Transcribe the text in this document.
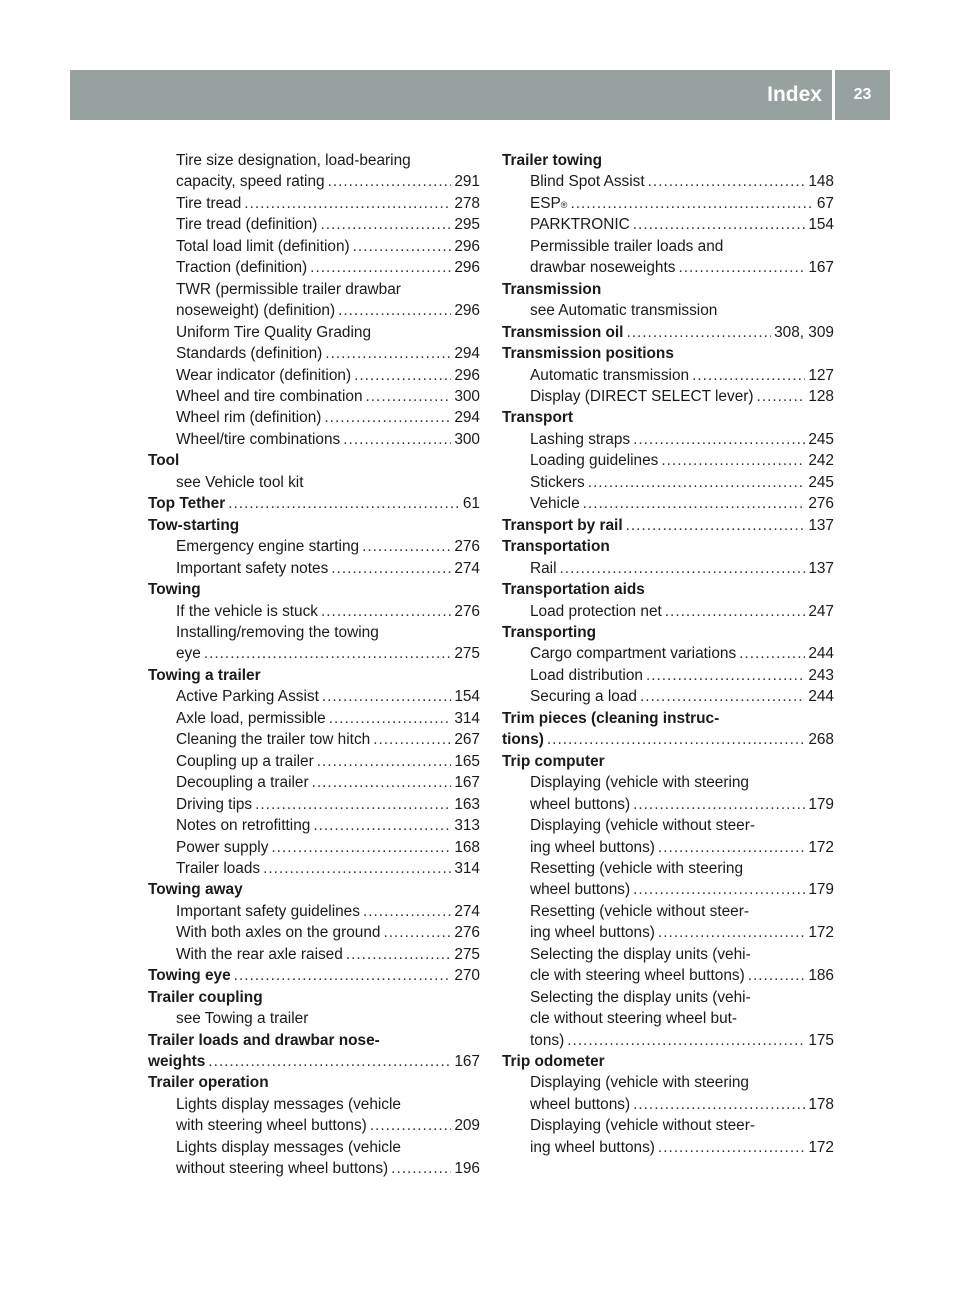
Index	23
Tire size designation, load-bearing
capacity, speed rating .....	291
Tire tread .....	278
Tire tread (definition) .....	295
Total load limit (definition) .....	296
Traction (definition) .....	296
TWR (permissible trailer drawbar
noseweight) (definition) .....	296
Uniform Tire Quality Grading
Standards (definition) .....	294
Wear indicator (definition) .....	296
Wheel and tire combination .....	300
Wheel rim (definition) .....	294
Wheel/tire combinations .....	300
Tool
see Vehicle tool kit
Top Tether .....	61
Tow-starting
Emergency engine starting .....	276
Important safety notes .....	274
Towing
If the vehicle is stuck .....	276
Installing/removing the towing
eye .....	275
Towing a trailer
Active Parking Assist .....	154
Axle load, permissible .....	314
Cleaning the trailer tow hitch .....	267
Coupling up a trailer .....	165
Decoupling a trailer .....	167
Driving tips .....	163
Notes on retrofitting .....	313
Power supply .....	168
Trailer loads .....	314
Towing away
Important safety guidelines .....	274
With both axles on the ground .....	276
With the rear axle raised .....	275
Towing eye .....	270
Trailer coupling
see Towing a trailer
Trailer loads and drawbar nose-
weights .....	167
Trailer operation
Lights display messages (vehicle
with steering wheel buttons) .....	209
Lights display messages (vehicle
without steering wheel buttons) .....	196
Trailer towing
Blind Spot Assist .....	148
ESP ® .....	67
PARKTRONIC .....	154
Permissible trailer loads and
drawbar noseweights .....	167
Transmission
see Automatic transmission
Transmission oil .....	308, 309
Transmission positions
Automatic transmission .....	127
Display (DIRECT SELECT lever) .....	128
Transport
Lashing straps .....	245
Loading guidelines .....	242
Stickers .....	245
Vehicle .....	276
Transport by rail .....	137
Transportation
Rail .....	137
Transportation aids
Load protection net .....	247
Transporting
Cargo compartment variations .....	244
Load distribution .....	243
Securing a load .....	244
Trim pieces (cleaning instruc-
tions) .....	268
Trip computer
Displaying (vehicle with steering
wheel buttons) .....	179
Displaying (vehicle without steer-
ing wheel buttons) .....	172
Resetting (vehicle with steering
wheel buttons) .....	179
Resetting (vehicle without steer-
ing wheel buttons) .....	172
Selecting the display units (vehi-
cle with steering wheel buttons) .....	186
Selecting the display units (vehi-
cle without steering wheel but-
tons) .....	175
Trip odometer
Displaying (vehicle with steering
wheel buttons) .....	178
Displaying (vehicle without steer-
ing wheel buttons) .....	172
